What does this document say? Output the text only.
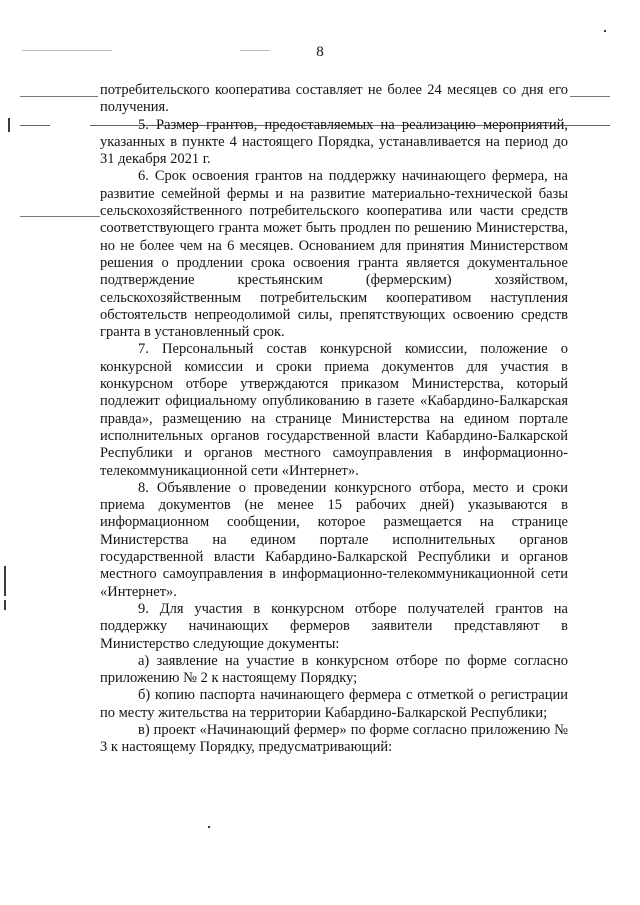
8

потребительского кооператива составляет не более 24 месяцев со дня его получения.

5. Размер грантов, предоставляемых на реализацию мероприятий, указанных в пункте 4 настоящего Порядка, устанавливается на период до 31 декабря 2021 г.

6. Срок освоения грантов на поддержку начинающего фермера, на развитие семейной фермы и на развитие материально-технической базы сельскохозяйственного потребительского кооператива или части средств соответствующего гранта может быть продлен по решению Министерства, но не более чем на 6 месяцев. Основанием для принятия Министерством решения о продлении срока освоения гранта является документальное подтверждение крестьянским (фермерским) хозяйством, сельскохозяйственным потребительским кооперативом наступления обстоятельств непреодолимой силы, препятствующих освоению средств гранта в установленный срок.

7. Персональный состав конкурсной комиссии, положение о конкурсной комиссии и сроки приема документов для участия в конкурсном отборе утверждаются приказом Министерства, который подлежит официальному опубликованию в газете «Кабардино-Балкарская правда», размещению на странице Министерства на едином портале исполнительных органов государственной власти Кабардино-Балкарской Республики и органов местного самоуправления в информационно-телекоммуникационной сети «Интернет».

8. Объявление о проведении конкурсного отбора, место и сроки приема документов (не менее 15 рабочих дней) указываются в информационном сообщении, которое размещается на странице Министерства на едином портале исполнительных органов государственной власти Кабардино-Балкарской Республики и органов местного самоуправления в информационно-телекоммуникационной сети «Интернет».

9. Для участия в конкурсном отборе получателей грантов на поддержку начинающих фермеров заявители представляют в Министерство следующие документы:

а) заявление на участие в конкурсном отборе по форме согласно приложению № 2 к настоящему Порядку;

б) копию паспорта начинающего фермера с отметкой о регистрации по месту жительства на территории Кабардино-Балкарской Республики;

в) проект «Начинающий фермер» по форме согласно приложению № 3 к настоящему Порядку, предусматривающий:
